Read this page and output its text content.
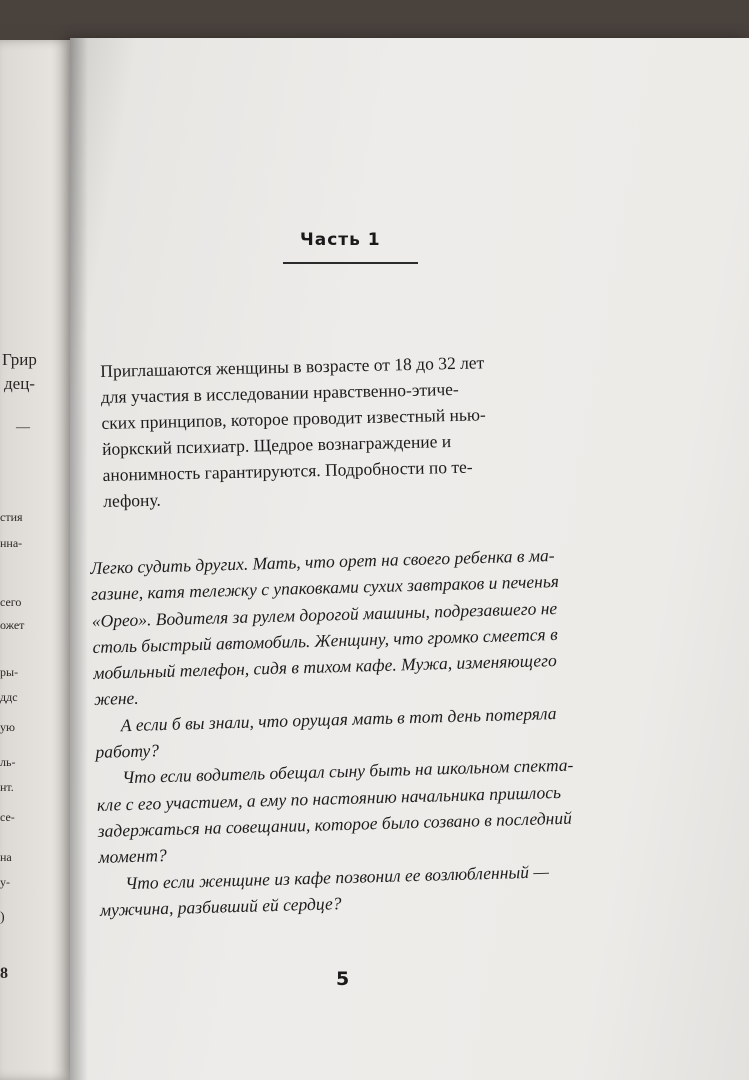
Грир
дец-
—
стия
нна-
сего
ожет
ры-
ддс
ую
ль-
нт.
се-
на
у-
)
8
Часть 1
Приглашаются женщины в возрасте от 18 до 32 лет
для участия в исследовании нравственно-этиче-
ских принципов, которое проводит известный нью-
йоркский психиатр. Щедрое вознаграждение и
анонимность гарантируются. Подробности по те-
лефону.
Легко судить других. Мать, что орет на своего ребенка в ма-
газине, катя тележку с упаковками сухих завтраков и печенья
«Орео». Водителя за рулем дорогой машины, подрезавшего не
столь быстрый автомобиль. Женщину, что громко смеется в
мобильный телефон, сидя в тихом кафе. Мужа, изменяющего
жене.
А если б вы знали, что орущая мать в тот день потеряла
работу?
Что если водитель обещал сыну быть на школьном спекта-
кле с его участием, а ему по настоянию начальника пришлось
задержаться на совещании, которое было созвано в последний
момент?
Что если женщине из кафе позвонил ее возлюбленный —
мужчина, разбивший ей сердце?
5
